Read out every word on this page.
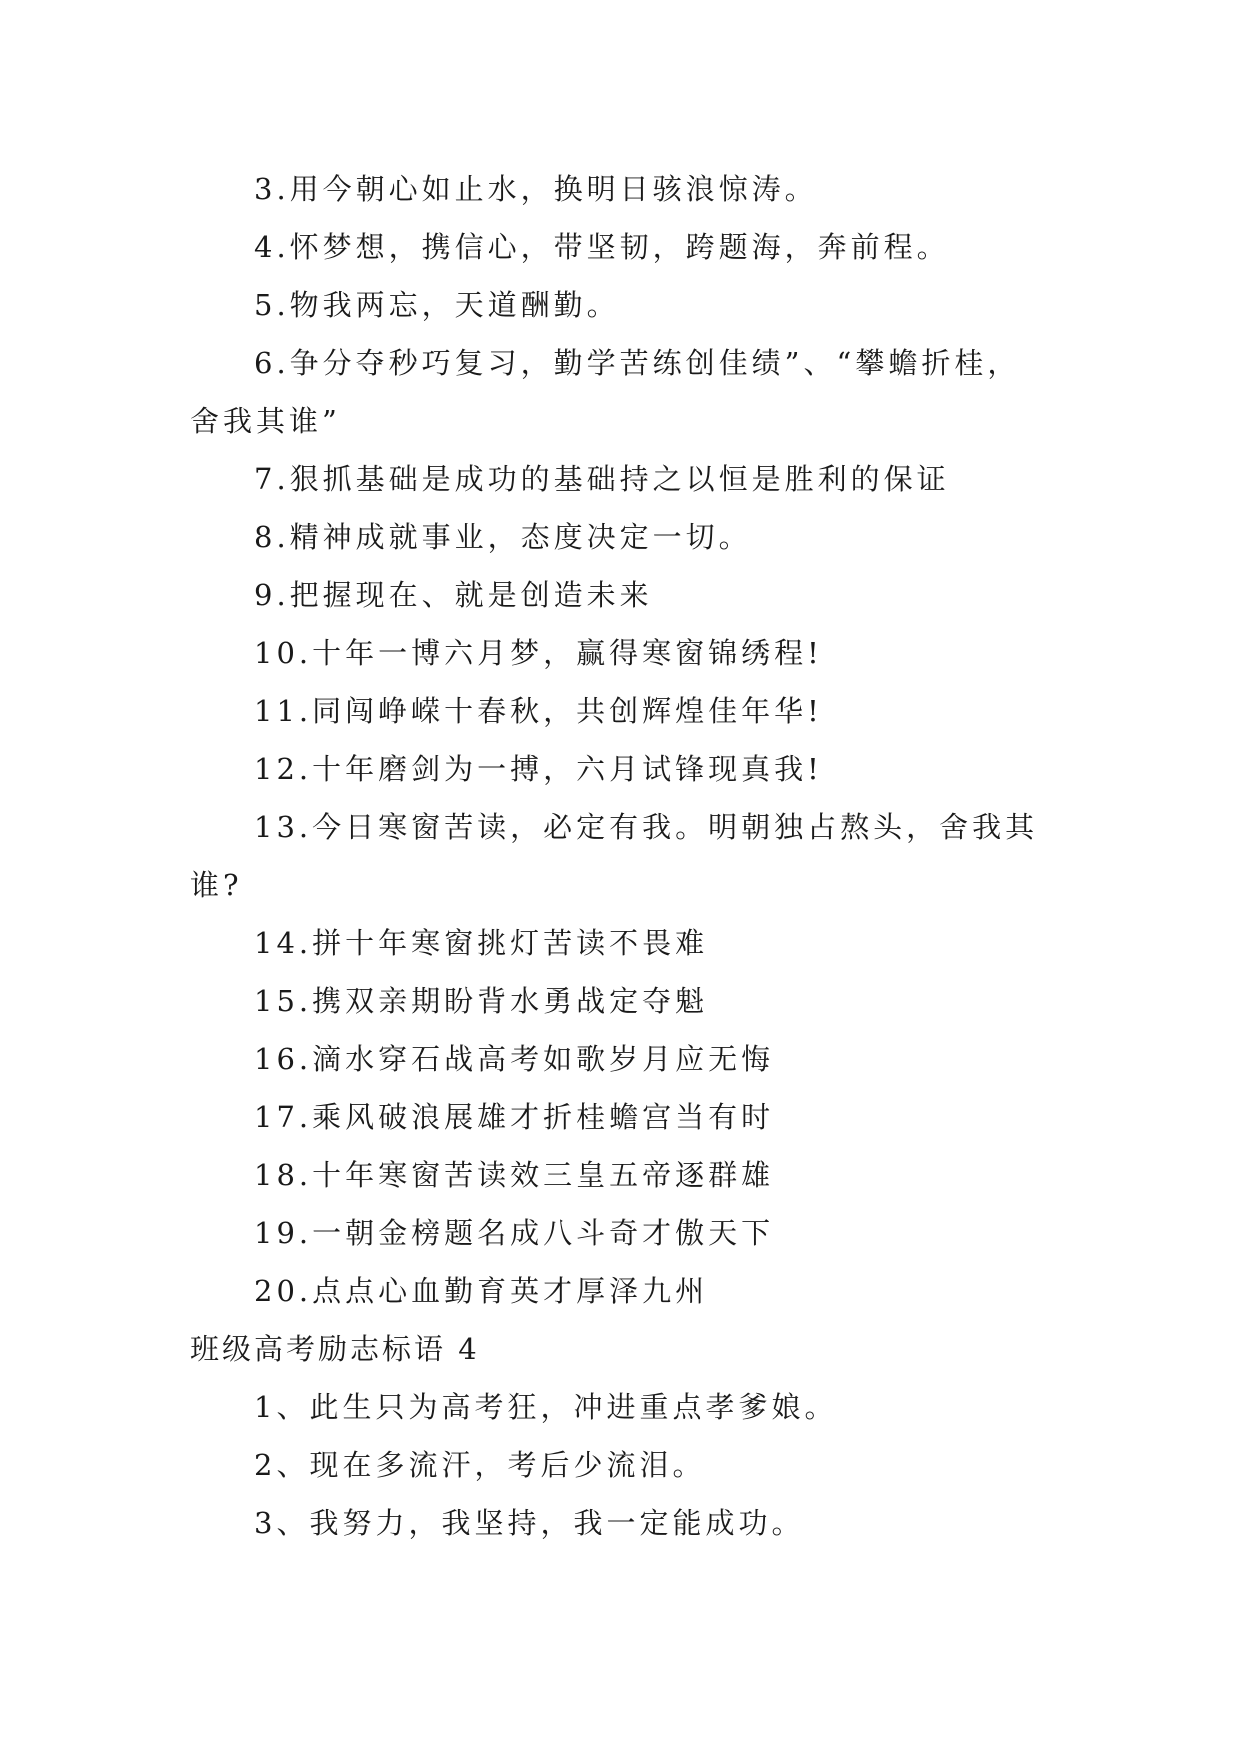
3.用今朝心如止水，换明日骇浪惊涛。

4.怀梦想，携信心，带坚韧，跨题海，奔前程。

5.物我两忘，天道酬勤。

6.争分夺秒巧复习，勤学苦练创佳绩”、“攀蟾折桂，舍我其谁”

7.狠抓基础是成功的基础持之以恒是胜利的保证

8.精神成就事业，态度决定一切。

9.把握现在、就是创造未来

10.十年一博六月梦，赢得寒窗锦绣程!

11.同闯峥嵘十春秋，共创辉煌佳年华!

12.十年磨剑为一搏，六月试锋现真我!

13.今日寒窗苦读，必定有我。明朝独占熬头，舍我其谁?

14.拼十年寒窗挑灯苦读不畏难

15.携双亲期盼背水勇战定夺魁

16.滴水穿石战高考如歌岁月应无悔

17.乘风破浪展雄才折桂蟾宫当有时

18.十年寒窗苦读效三皇五帝逐群雄

19.一朝金榜题名成八斗奇才傲天下

20.点点心血勤育英才厚泽九州

班级高考励志标语 4

1、此生只为高考狂，冲进重点孝爹娘。

2、现在多流汗，考后少流泪。

3、我努力，我坚持，我一定能成功。
